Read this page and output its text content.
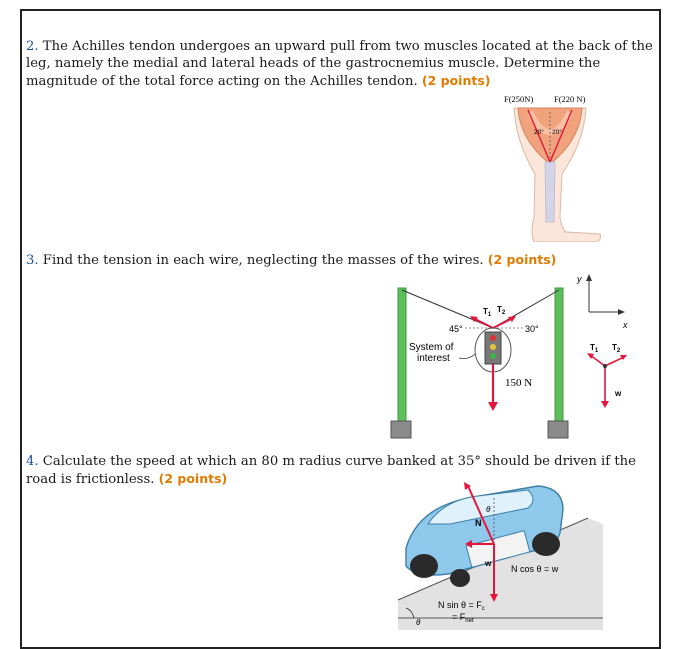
2. The Achilles tendon undergoes an upward pull from two muscles located at the back of the leg, namely the medial and lateral heads of the gastrocnemius muscle. Determine the magnitude of the total force acting on the Achilles tendon. (2 points)
F(250N) F(220 N)
20° 20°
3. Find the tension in each wire, neglecting the masses of the wires. (2 points)
$T_1$
$T_2$
45°	30°
System of
interest
150 N
y
x
$T_1$ $T_2$
w
4. Calculate the speed at which an 80 m radius curve banked at 35° should be driven if the road is frictionless. (2 points)
N
θ
w
N cos θ = w
N $\sin \theta = F_c$
= $F_{net}$
θ
